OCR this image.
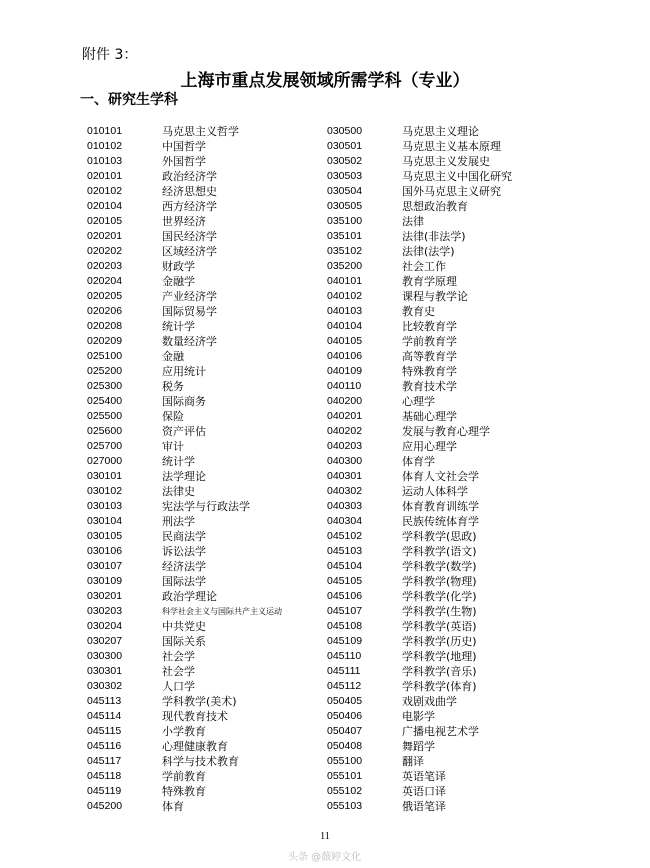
附件 3：
上海市重点发展领域所需学科（专业）
一、研究生学科
010101	马克思主义哲学
010102	中国哲学
010103	外国哲学
020101	政治经济学
020102	经济思想史
020104	西方经济学
020105	世界经济
020201	国民经济学
020202	区域经济学
020203	财政学
020204	金融学
020205	产业经济学
020206	国际贸易学
020208	统计学
020209	数量经济学
025100	金融
025200	应用统计
025300	税务
025400	国际商务
025500	保险
025600	资产评估
025700	审计
027000	统计学
030101	法学理论
030102	法律史
030103	宪法学与行政法学
030104	刑法学
030105	民商法学
030106	诉讼法学
030107	经济法学
030109	国际法学
030201	政治学理论
030203	科学社会主义与国际共产主义运动
030204	中共党史
030207	国际关系
030300	社会学
030301	社会学
030302	人口学
045113	学科教学(美术)
045114	现代教育技术
045115	小学教育
045116	心理健康教育
045117	科学与技术教育
045118	学前教育
045119	特殊教育
045200	体育
030500	马克思主义理论
030501	马克思主义基本原理
030502	马克思主义发展史
030503	马克思主义中国化研究
030504	国外马克思主义研究
030505	思想政治教育
035100	法律
035101	法律(非法学)
035102	法律(法学)
035200	社会工作
040101	教育学原理
040102	课程与教学论
040103	教育史
040104	比较教育学
040105	学前教育学
040106	高等教育学
040109	特殊教育学
040110	教育技术学
040200	心理学
040201	基础心理学
040202	发展与教育心理学
040203	应用心理学
040300	体育学
040301	体育人文社会学
040302	运动人体科学
040303	体育教育训练学
040304	民族传统体育学
045102	学科教学(思政)
045103	学科教学(语文)
045104	学科教学(数学)
045105	学科教学(物理)
045106	学科教学(化学)
045107	学科教学(生物)
045108	学科教学(英语)
045109	学科教学(历史)
045110	学科教学(地理)
045111	学科教学(音乐)
045112	学科教学(体育)
050405	戏剧戏曲学
050406	电影学
050407	广播电视艺术学
050408	舞蹈学
055100	翻译
055101	英语笔译
055102	英语口译
055103	俄语笔译
11
头条 @薇婷文化
